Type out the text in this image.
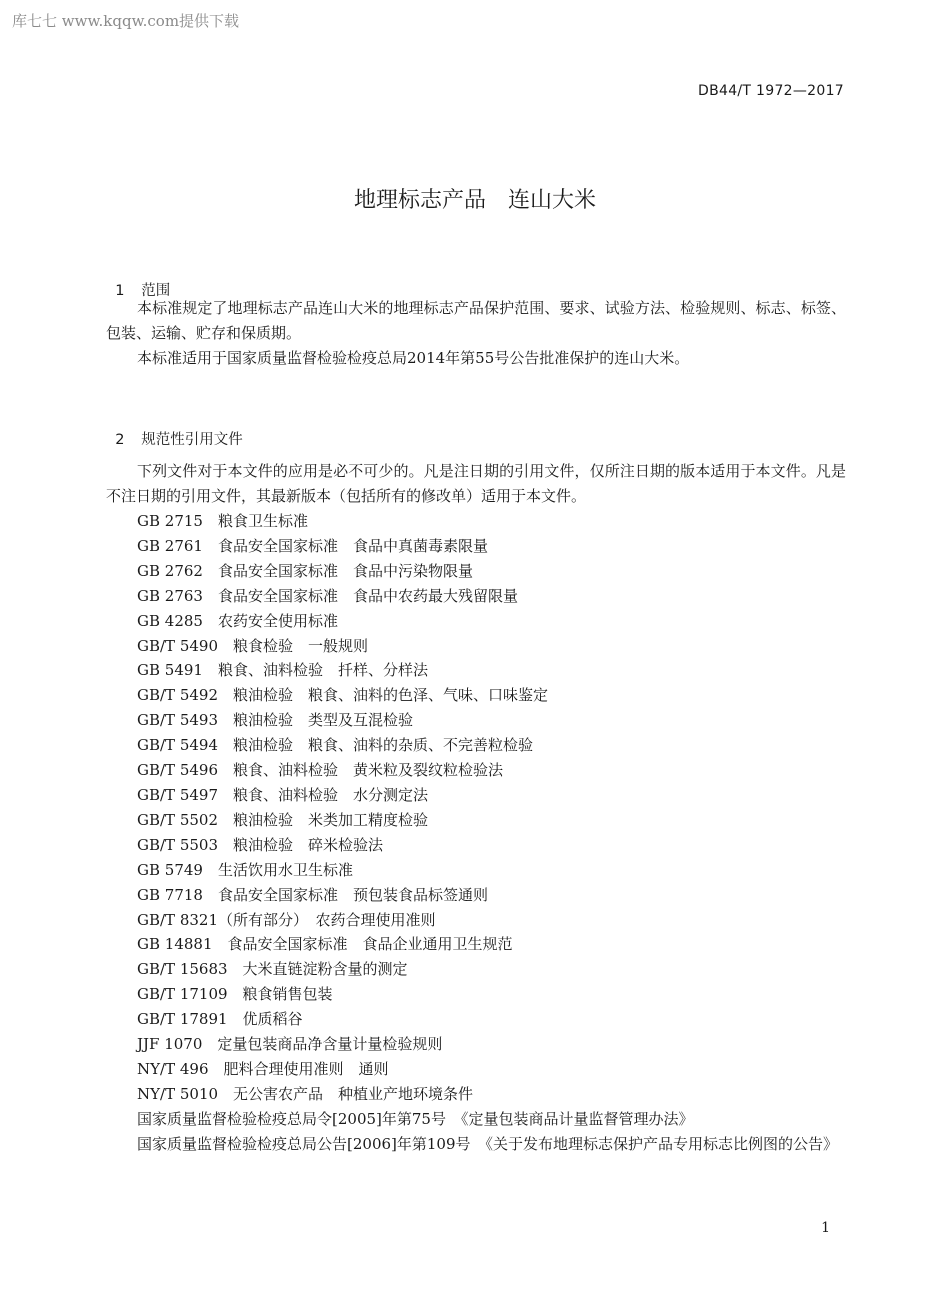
库七七 www.kqqw.com提供下载
DB44/T 1972—2017
地理标志产品　连山大米

1 范围

本标准规定了地理标志产品连山大米的地理标志产品保护范围、要求、试验方法、检验规则、标志、标签、包装、运输、贮存和保质期。

本标准适用于国家质量监督检验检疫总局2014年第55号公告批准保护的连山大米。

2 规范性引用文件

下列文件对于本文件的应用是必不可少的。凡是注日期的引用文件，仅所注日期的版本适用于本文件。凡是不注日期的引用文件，其最新版本（包括所有的修改单）适用于本文件。

GB 2715　粮食卫生标准
GB 2761　食品安全国家标准　食品中真菌毒素限量
GB 2762　食品安全国家标准　食品中污染物限量
GB 2763　食品安全国家标准　食品中农药最大残留限量
GB 4285　农药安全使用标准
GB/T 5490　粮食检验　一般规则
GB 5491　粮食、油料检验　扦样、分样法
GB/T 5492　粮油检验　粮食、油料的色泽、气味、口味鉴定
GB/T 5493　粮油检验　类型及互混检验
GB/T 5494　粮油检验　粮食、油料的杂质、不完善粒检验
GB/T 5496　粮食、油料检验　黄米粒及裂纹粒检验法
GB/T 5497　粮食、油料检验　水分测定法
GB/T 5502　粮油检验　米类加工精度检验
GB/T 5503　粮油检验　碎米检验法
GB 5749　生活饮用水卫生标准
GB 7718　食品安全国家标准　预包装食品标签通则
GB/T 8321（所有部分）　农药合理使用准则
GB 14881　食品安全国家标准　食品企业通用卫生规范
GB/T 15683　大米直链淀粉含量的测定
GB/T 17109　粮食销售包装
GB/T 17891　优质稻谷
JJF 1070　定量包装商品净含量计量检验规则
NY/T 496　肥料合理使用准则　通则
NY/T 5010　无公害农产品　种植业产地环境条件
国家质量监督检验检疫总局令[2005]年第75号　《定量包装商品计量监督管理办法》
国家质量监督检验检疫总局公告[2006]年第109号　《关于发布地理标志保护产品专用标志比例图的公告》
1
